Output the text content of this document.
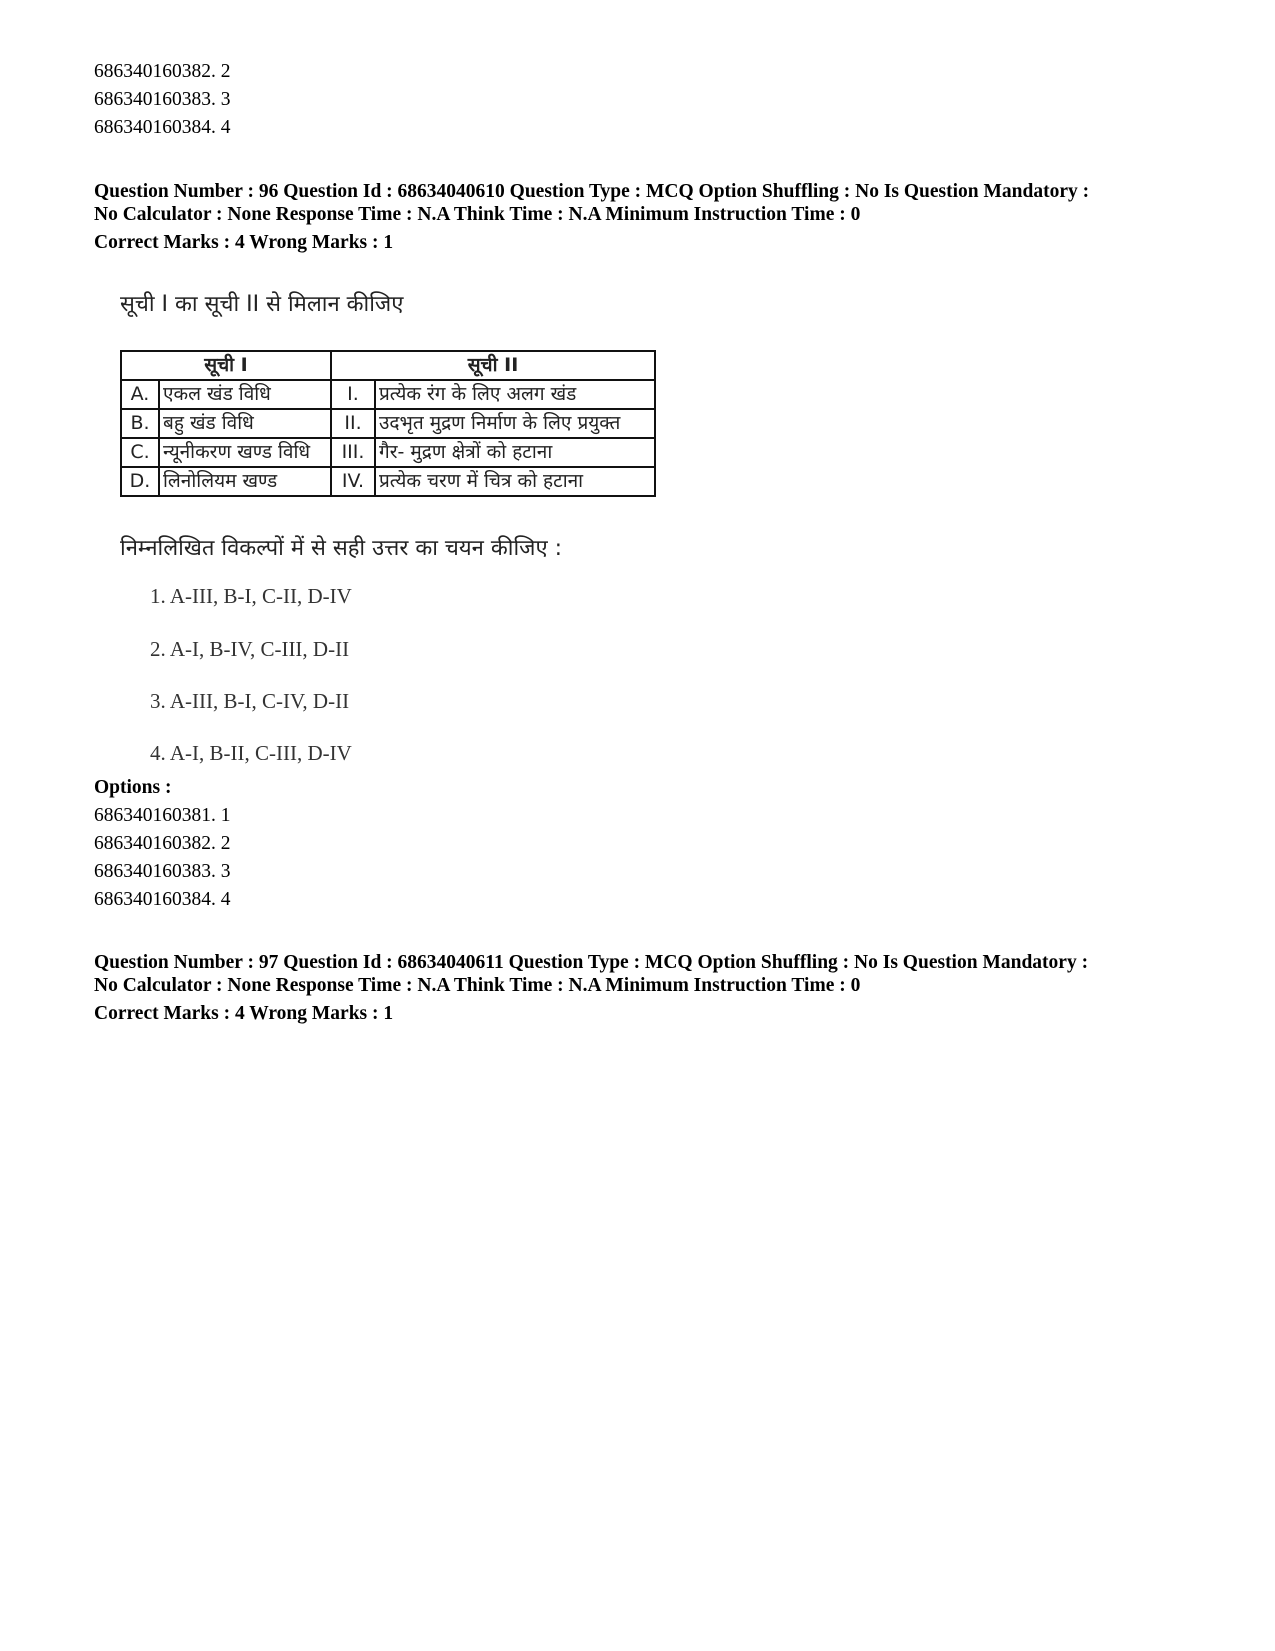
686340160382. 2
686340160383. 3
686340160384. 4
Question Number : 96 Question Id : 68634040610 Question Type : MCQ Option Shuffling : No Is Question Mandatory :
No Calculator : None Response Time : N.A Think Time : N.A Minimum Instruction Time : 0
Correct Marks : 4 Wrong Marks : 1
सूची I का सूची II से मिलान कीजिए
सूची I		सूची II	
A.	एकल खंड विधि	I.	प्रत्येक रंग के लिए अलग खंड
B.	बहु खंड विधि	II.	उदभृत मुद्रण निर्माण के लिए प्रयुक्त
C.	न्यूनीकरण खण्ड विधि	III.	गैर- मुद्रण क्षेत्रों को हटाना
D.	लिनोलियम खण्ड	IV.	प्रत्येक चरण में चित्र को हटाना
निम्नलिखित विकल्पों में से सही उत्तर का चयन कीजिए :
1. A-III, B-I, C-II, D-IV
2. A-I, B-IV, C-III, D-II
3. A-III, B-I, C-IV, D-II
4. A-I, B-II, C-III, D-IV
Options :
686340160381. 1
686340160382. 2
686340160383. 3
686340160384. 4
Question Number : 97 Question Id : 68634040611 Question Type : MCQ Option Shuffling : No Is Question Mandatory :
No Calculator : None Response Time : N.A Think Time : N.A Minimum Instruction Time : 0
Correct Marks : 4 Wrong Marks : 1
